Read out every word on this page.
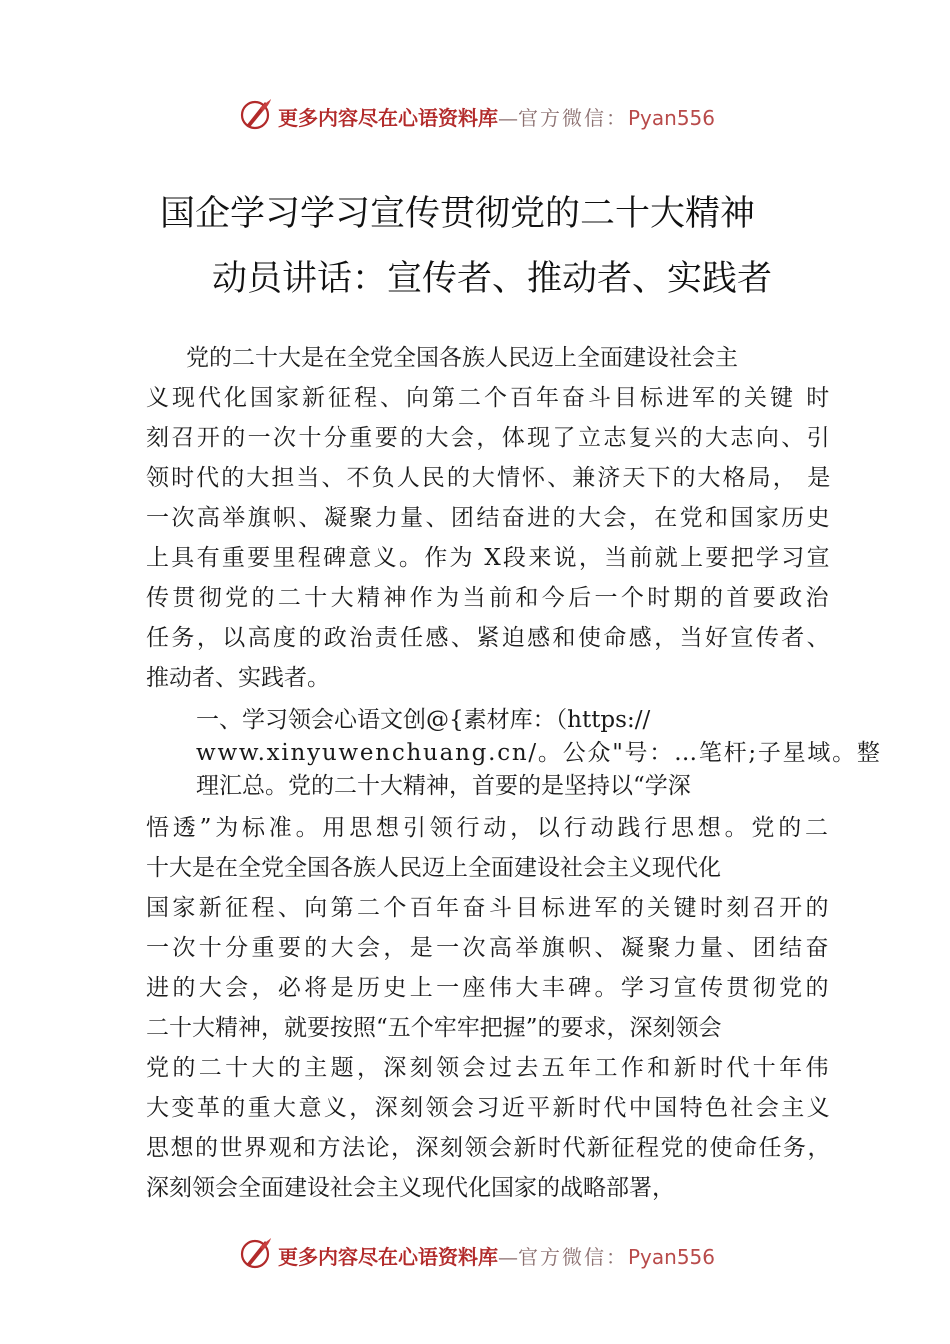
更多内容尽在心语资料库—官方微信：Pyan556
国企学习学习宣传贯彻党的二十大精神
动员讲话：宣传者、推动者、实践者
党的二十大是在全党全国各族人民迈上全面建设社会主
义现代化国家新征程、向第二个百年奋斗目标进军的关键 时
刻召开的一次十分重要的大会，体现了立志复兴的大志向、引
领时代的大担当、不负人民的大情怀、兼济天下的大格局， 是
一次高举旗帜、凝聚力量、团结奋进的大会，在党和国家历史
上具有重要里程碑意义。作为 X段来说，当前就上要把学习宣
传贯彻党的二十大精神作为当前和今后一个时期的首要政治
任务，以高度的政治责任感、紧迫感和使命感，当好宣传者、
推动者、实践者。
一、学习领会心语文创@{素材库：（https://
www.xinyuwenchuang.cn/。公众"号：…笔杆;子星域。整
理汇总。党的二十大精神，首要的是坚持以“学深
悟透”为标准。用思想引领行动，以行动践行思想。党的二
十大是在全党全国各族人民迈上全面建设社会主义现代化
国家新征程、向第二个百年奋斗目标进军的关键时刻召开的
一次十分重要的大会，是一次高举旗帜、凝聚力量、团结奋
进的大会，必将是历史上一座伟大丰碑。学习宣传贯彻党的
二十大精神，就要按照“五个牢牢把握”的要求，深刻领会
党的二十大的主题，深刻领会过去五年工作和新时代十年伟
大变革的重大意义，深刻领会习近平新时代中国特色社会主义
思想的世界观和方法论，深刻领会新时代新征程党的使命任务，
深刻领会全面建设社会主义现代化国家的战略部署，
更多内容尽在心语资料库—官方微信：Pyan556
